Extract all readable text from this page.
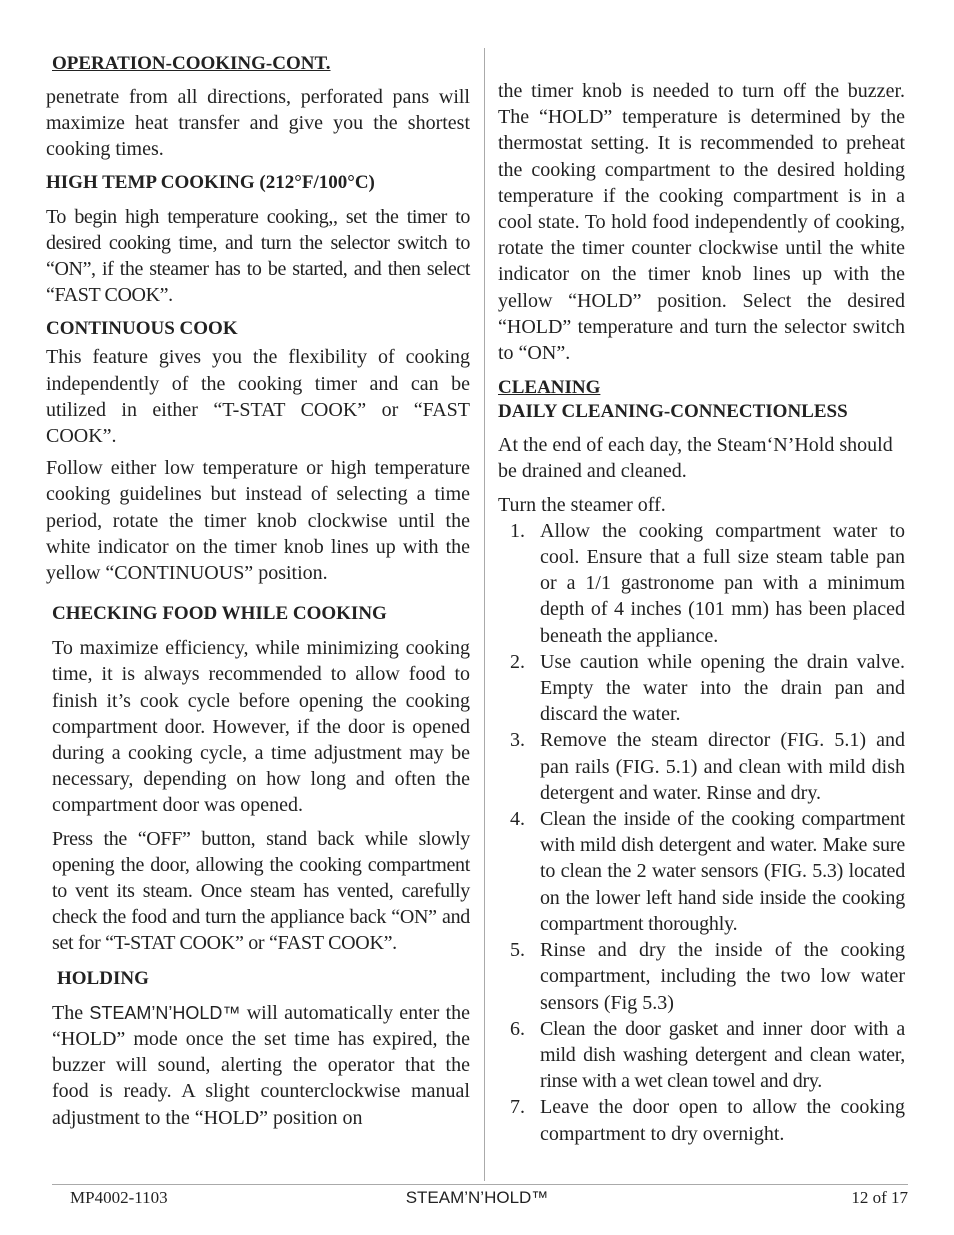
OPERATION-COOKING-CONT.

penetrate from all directions, perforated pans will maximize heat transfer and give you the shortest cooking times.

HIGH TEMP COOKING (212°F/100°C)

To begin high temperature cooking,, set the timer to desired cooking time, and turn the selector switch to “ON”, if the steamer has to be started, and then select “FAST COOK”.

CONTINUOUS COOK

This feature gives you the flexibility of cooking independently of the cooking timer and can be utilized in either “T-STAT COOK” or “FAST COOK”.

Follow either low temperature or high temperature cooking guidelines but instead of selecting a time period, rotate the timer knob clockwise until the white indicator on the timer knob lines up with the yellow “CONTINUOUS” position.

CHECKING FOOD WHILE COOKING

To maximize efficiency, while minimizing cooking time, it is always recommended to allow food to finish it’s cook cycle before opening the cooking compartment door. However, if the door is opened during a cooking cycle, a time adjustment may be necessary, depending on how long and often the compartment door was opened.

Press the “OFF” button, stand back while slowly opening the door, allowing the cooking compartment to vent its steam. Once steam has vented, carefully check the food and turn the appliance back “ON” and set for “T-STAT COOK” or “FAST COOK”.

HOLDING

The STEAM’N’HOLD™ will automatically enter the “HOLD” mode once the set time has expired, the buzzer will sound, alerting the operator that the food is ready. A slight counterclockwise manual adjustment to the “HOLD” position on

the timer knob is needed to turn off the buzzer. The “HOLD” temperature is determined by the thermostat setting. It is recommended to preheat the cooking compartment to the desired holding temperature if the cooking compartment is in a cool state. To hold food independently of cooking, rotate the timer counter clockwise until the white indicator on the timer knob lines up with the yellow “HOLD” position. Select the desired “HOLD” temperature and turn the selector switch to “ON”.

CLEANING
DAILY CLEANING-CONNECTIONLESS

At the end of each day, the Steam‘N’Hold should be drained and cleaned.

Turn the steamer off.

1. Allow the cooking compartment water to cool. Ensure that a full size steam table pan or a 1/1 gastronome pan with a minimum depth of 4 inches (101 mm) has been placed beneath the appliance.
2. Use caution while opening the drain valve. Empty the water into the drain pan and discard the water.
3. Remove the steam director (FIG. 5.1) and pan rails (FIG. 5.1) and clean with mild dish detergent and water. Rinse and dry.
4. Clean the inside of the cooking compartment with mild dish detergent and water. Make sure to clean the 2 water sensors (FIG. 5.3) located on the lower left hand side inside the cooking compartment thoroughly.
5. Rinse and dry the inside of the cooking compartment, including the two low water sensors (Fig 5.3)
6. Clean the door gasket and inner door with a mild dish washing detergent and clean water, rinse with a wet clean towel and dry.
7. Leave the door open to allow the cooking compartment to dry overnight.
MP4002-1103	STEAM’N’HOLD™	12 of 17
